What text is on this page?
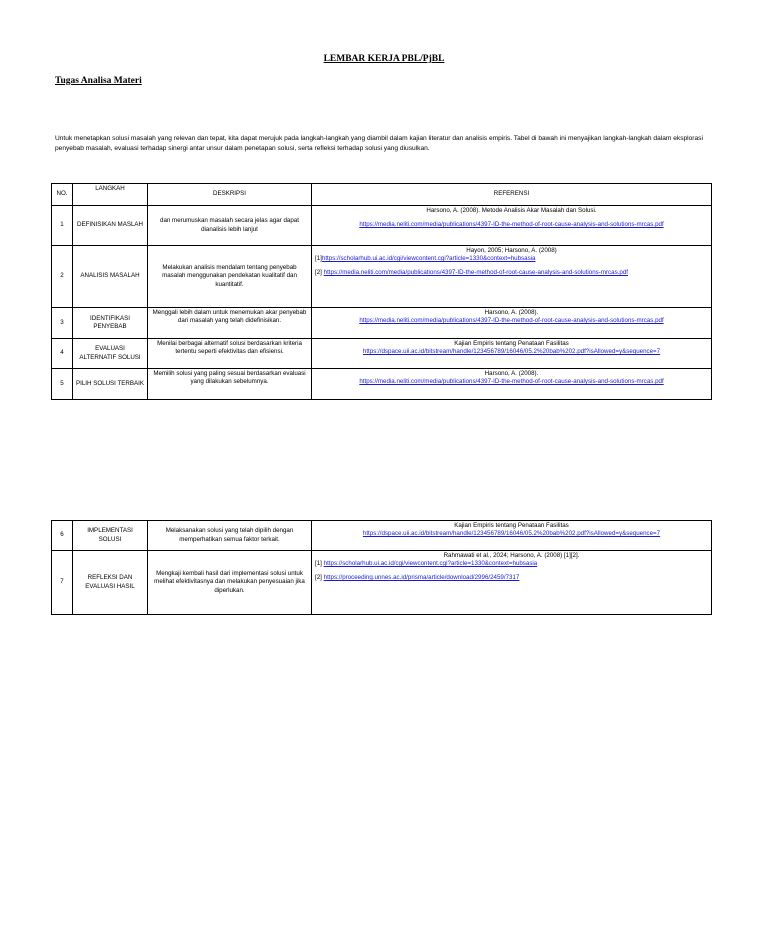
LEMBAR KERJA PBL/PjBL
Tugas Analisa Materi
Untuk menetapkan solusi masalah yang relevan dan tepat, kita dapat merujuk pada langkah-langkah yang diambil dalam kajian literatur dan analisis empiris. Tabel di bawah ini menyajikan langkah-langkah dalam eksplorasi penyebab masalah, evaluasi terhadap sinergi antar unsur dalam penetapan solusi, serta refleksi terhadap solusi yang diusulkan.
NO.	LANGKAH	DESKRIPSI	REFERENSI
1	DEFINISIKAN MASLAH	dan merumuskan masalah secara jelas agar dapat dianalisis lebih lanjut	Harsono, A. (2008). Metode Analisis Akar Masalah dan Solusi.
https://media.neliti.com/media/publications/4397-ID-the-method-of-root-cause-analysis-and-solutions-mrcas.pdf
2	ANALISIS MASALAH	Melakukan analisis mendalam tentang penyebab masalah menggunakan pendekatan kualitatif dan kuantitatif.	Hayon, 2005; Harsono, A. (2008)
[1]https://scholarhub.ui.ac.id/cgi/viewcontent.cgi?article=1330&context=hubsasia
[2] https://media.neliti.com/media/publications/4397-ID-the-method-of-root-cause-analysis-and-solutions-mrcas.pdf

3	IDENTIFIKASI PENYEBAB	Menggali lebih dalam untuk menemukan akar penyebab dari masalah yang telah didefinisikan.	Harsono, A. (2008).
https://media.neliti.com/media/publications/4397-ID-the-method-of-root-cause-analysis-and-solutions-mrcas.pdf
4	EVALUASI ALTERNATIF SOLUSI	Menilai berbagai alternatif solusi berdasarkan kriteria tertentu seperti efektivitas dan efisiensi.	Kajian Empiris tentang Penataan Fasilitas
https://dspace.uii.ac.id/bitstream/handle/123456789/16046/05.2%20bab%202.pdf?isAllowed=y&sequence=7
5	PILIH SOLUSI TERBAIK	Memilih solusi yang paling sesuai berdasarkan evaluasi yang dilakukan sebelumnya.	Harsono, A. (2008).
https://media.neliti.com/media/publications/4397-ID-the-method-of-root-cause-analysis-and-solutions-mrcas.pdf
6	IMPLEMENTASI SOLUSI	Melaksanakan solusi yang telah dipilih dengan memperhatikan semua faktor terkait.	Kajian Empiris tentang Penataan Fasilitas
https://dspace.uii.ac.id/bitstream/handle/123456789/16046/05.2%20bab%202.pdf?isAllowed=y&sequence=7
7	REFLEKSI DAN EVALUASI HASIL	Mengkaji kembali hasil dari implementasi solusi untuk melihat efektivitasnya dan melakukan penyesuaian jika diperlukan.	Rahmawati et al., 2024; Harsono, A. (2008) [1][2].
[1] https://scholarhub.ui.ac.id/cgi/viewcontent.cgi?article=1330&context=hubsasia
[2] https://proceeding.unnes.ac.id/prisma/article/download/2996/2459/7317
